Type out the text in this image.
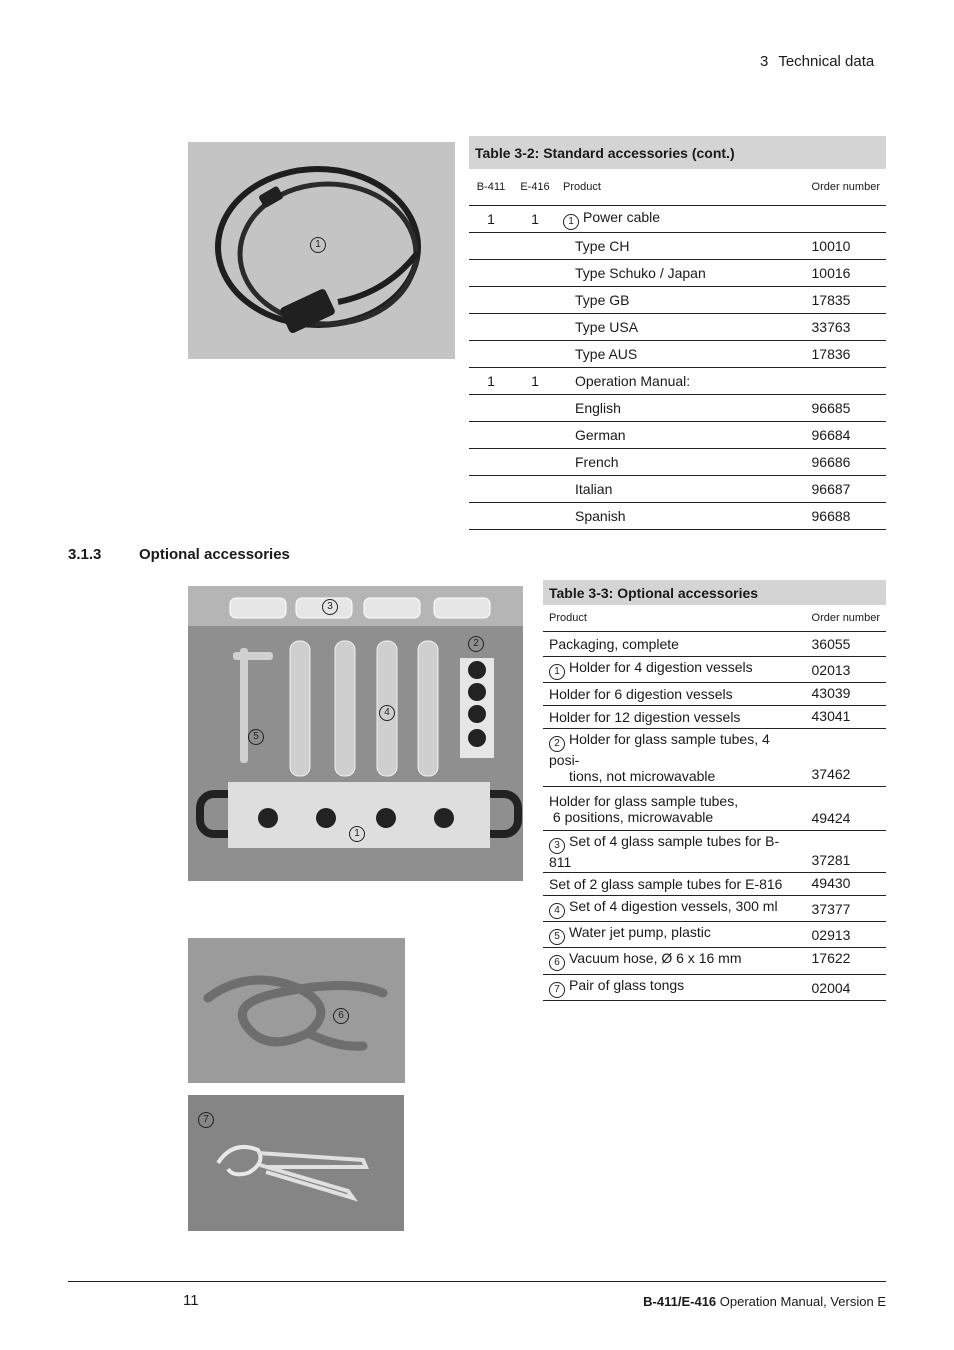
3 Technical data
1
Table 3-2: Standard accessories (cont.)			
B-411	E-416	Product	Order number
1	1	1 Power cable	
		Type CH	10010
		Type Schuko / Japan	10016
		Type GB	17835
		Type USA	33763
		Type AUS	17836
1	1	Operation Manual:	
		English	96685
		German	96684
		French	96686
		Italian	96687
		Spanish	96688
3.1.3	Optional accessories
3
2
4
5
1
6
7
Table 3-3: Optional accessories	
Product	Order number
Packaging, complete	36055
1 Holder for 4 digestion vessels	02013
Holder for 6 digestion vessels	43039
Holder for 12 digestion vessels	43041
2 Holder for glass sample tubes, 4 posi-
tions, not microwavable	37462
Holder for glass sample tubes,
6 positions, microwavable	49424
3 Set of 4 glass sample tubes for B-811	37281
Set of 2 glass sample tubes for E-816	49430
4 Set of 4 digestion vessels, 300 ml	37377
5 Water jet pump, plastic	02913
6 Vacuum hose, Ø 6 x 16 mm	17622
7 Pair of glass tongs	02004
11	B-411/E-416 Operation Manual, Version E
